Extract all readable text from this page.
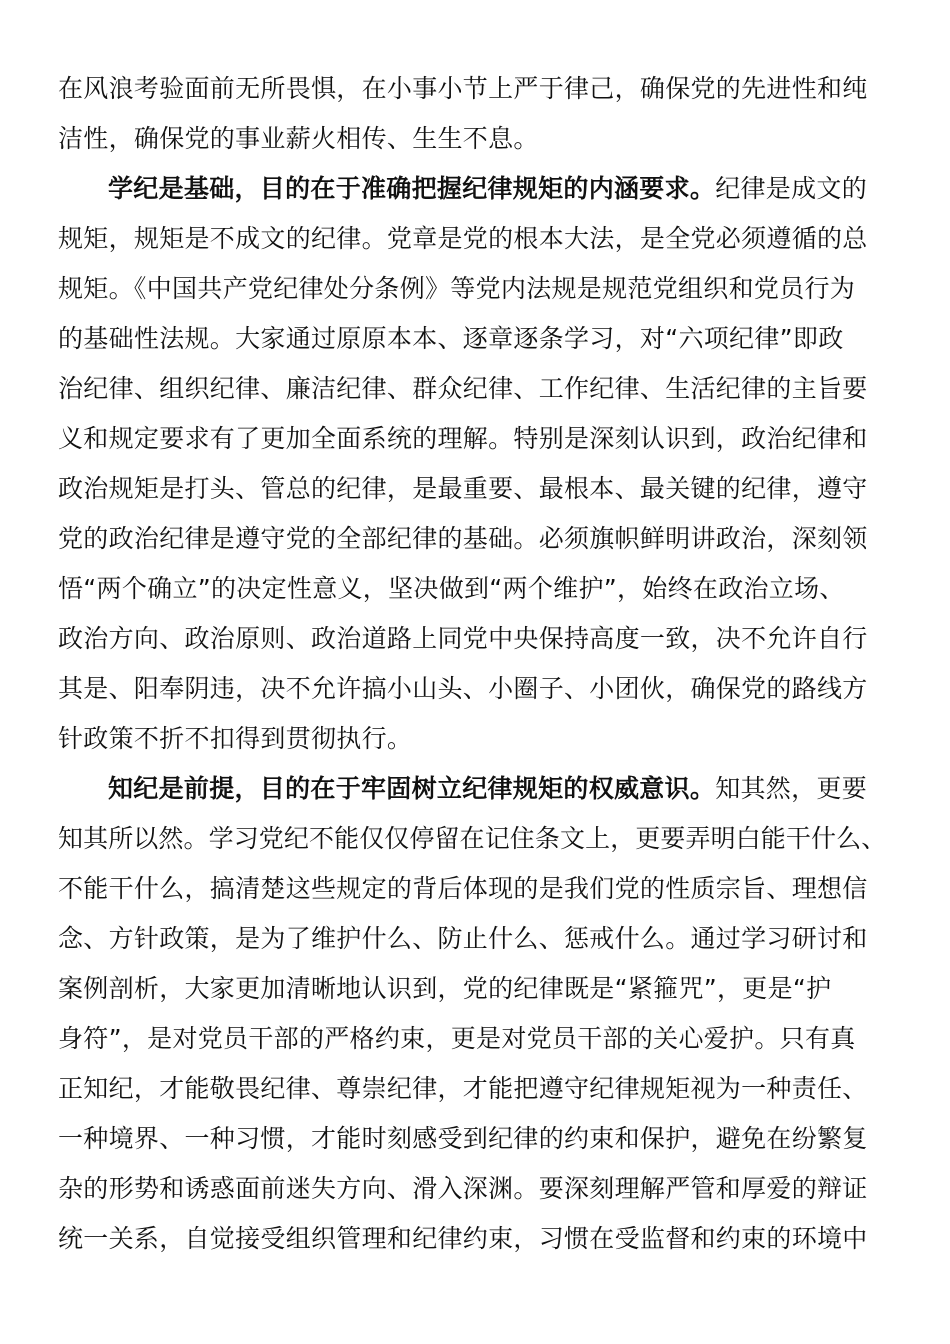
在风浪考验面前无所畏惧，在小事小节上严于律己，确保党的先进性和纯
洁性，确保党的事业薪火相传、生生不息。
学纪是基础，目的在于准确把握纪律规矩的内涵要求。纪律是成文的
规矩，规矩是不成文的纪律。党章是党的根本大法，是全党必须遵循的总
规矩。《中国共产党纪律处分条例》等党内法规是规范党组织和党员行为
的基础性法规。大家通过原原本本、逐章逐条学习，对“六项纪律”即政
治纪律、组织纪律、廉洁纪律、群众纪律、工作纪律、生活纪律的主旨要
义和规定要求有了更加全面系统的理解。特别是深刻认识到，政治纪律和
政治规矩是打头、管总的纪律，是最重要、最根本、最关键的纪律，遵守
党的政治纪律是遵守党的全部纪律的基础。必须旗帜鲜明讲政治，深刻领
悟“两个确立”的决定性意义，坚决做到“两个维护”，始终在政治立场、
政治方向、政治原则、政治道路上同党中央保持高度一致，决不允许自行
其是、阳奉阴违，决不允许搞小山头、小圈子、小团伙，确保党的路线方
针政策不折不扣得到贯彻执行。
知纪是前提，目的在于牢固树立纪律规矩的权威意识。知其然，更要
知其所以然。学习党纪不能仅仅停留在记住条文上，更要弄明白能干什么、
不能干什么，搞清楚这些规定的背后体现的是我们党的性质宗旨、理想信
念、方针政策，是为了维护什么、防止什么、惩戒什么。通过学习研讨和
案例剖析，大家更加清晰地认识到，党的纪律既是“紧箍咒”，更是“护
身符”，是对党员干部的严格约束，更是对党员干部的关心爱护。只有真
正知纪，才能敬畏纪律、尊崇纪律，才能把遵守纪律规矩视为一种责任、
一种境界、一种习惯，才能时刻感受到纪律的约束和保护，避免在纷繁复
杂的形势和诱惑面前迷失方向、滑入深渊。要深刻理解严管和厚爱的辩证
统一关系，自觉接受组织管理和纪律约束，习惯在受监督和约束的环境中
